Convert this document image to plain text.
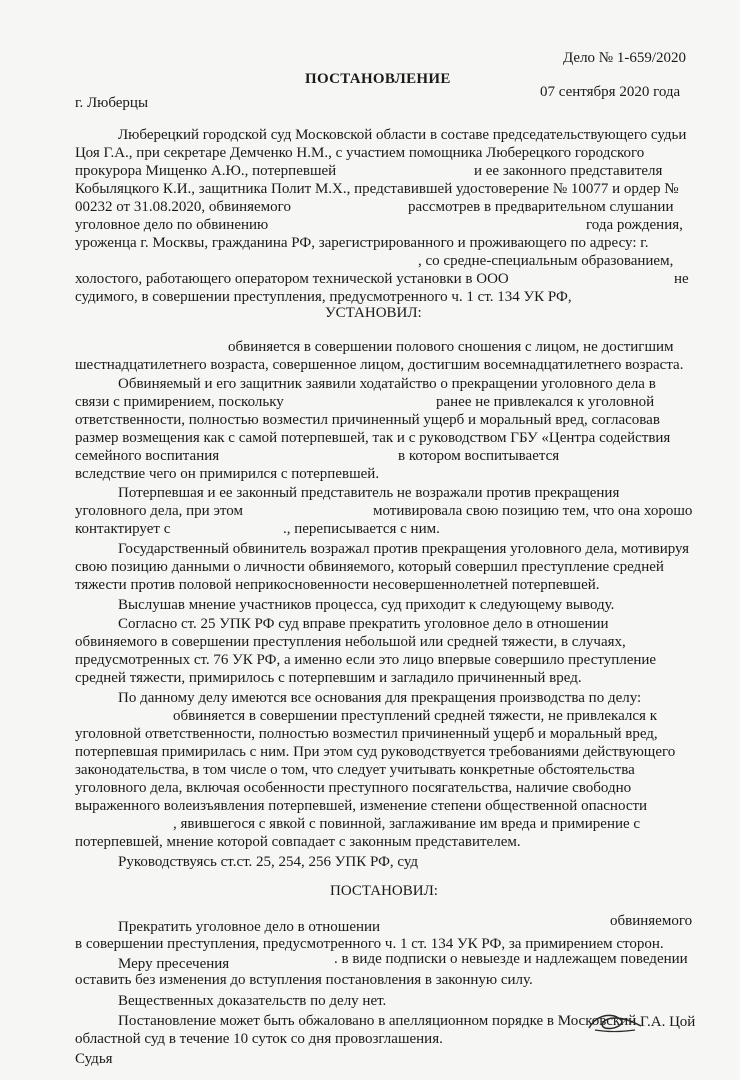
Дело № 1-659/2020
ПОСТАНОВЛЕНИЕ
07 сентября 2020 года
г. Люберцы
Люберецкий городской суд Московской области в составе председательствующего судьи
Цоя Г.А., при секретаре Демченко Н.М., с участием помощника Люберецкого городского
прокурора Мищенко А.Ю., потерпевшей	и ее законного представителя
Кобыляцкого К.И., защитника Полит М.Х., представившей удостоверение № 10077 и ордер №
00232 от 31.08.2020, обвиняемого	рассмотрев в предварительном слушании
уголовное дело по обвинению	года рождения,
уроженца г. Москвы, гражданина РФ, зарегистрированного и проживающего по адресу: г.
, со средне-специальным образованием,
холостого, работающего оператором технической установки в ООО	не
судимого, в совершении преступления, предусмотренного ч. 1 ст. 134 УК РФ,
УСТАНОВИЛ:
обвиняется в совершении полового сношения с лицом, не достигшим
шестнадцатилетнего возраста, совершенное лицом, достигшим восемнадцатилетнего возраста.
Обвиняемый и его защитник заявили ходатайство о прекращении уголовного дела в
связи с примирением, поскольку	ранее не привлекался к уголовной
ответственности, полностью возместил причиненный ущерб и моральный вред, согласовав
размер возмещения как с самой потерпевшей, так и с руководством ГБУ «Центра содействия
семейного воспитания	в котором воспитывается
вследствие чего он примирился с потерпевшей.
Потерпевшая и ее законный представитель не возражали против прекращения
уголовного дела, при этом	мотивировала свою позицию тем, что она хорошо
контактирует с	., переписывается с ним.
Государственный обвинитель возражал против прекращения уголовного дела, мотивируя
свою позицию данными о личности обвиняемого, который совершил преступление средней
тяжести против половой неприкосновенности несовершеннолетней потерпевшей.
Выслушав мнение участников процесса, суд приходит к следующему выводу.
Согласно ст. 25 УПК РФ суд вправе прекратить уголовное дело в отношении
обвиняемого в совершении преступления небольшой или средней тяжести, в случаях,
предусмотренных ст. 76 УК РФ, а именно если это лицо впервые совершило преступление
средней тяжести, примирилось с потерпевшим и загладило причиненный вред.
По данному делу имеются все основания для прекращения производства по делу:
обвиняется в совершении преступлений средней тяжести, не привлекался к
уголовной ответственности, полностью возместил причиненный ущерб и моральный вред,
потерпевшая примирилась с ним. При этом суд руководствуется требованиями действующего
законодательства, в том числе о том, что следует учитывать конкретные обстоятельства
уголовного дела, включая особенности преступного посягательства, наличие свободно
выраженного волеизъявления потерпевшей, изменение степени общественной опасности
, явившегося с явкой с повинной, заглаживание им вреда и примирение с
потерпевшей, мнение которой совпадает с законным представителем.
Руководствуясь ст.ст. 25, 254, 256 УПК РФ, суд
ПОСТАНОВИЛ:
Прекратить уголовное дело в отношении	обвиняемого
в совершении преступления, предусмотренного ч. 1 ст. 134 УК РФ, за примирением сторон.
Меру пресечения	. в виде подписки о невыезде и надлежащем поведении
оставить без изменения до вступления постановления в законную силу.
Вещественных доказательств по делу нет.
Постановление может быть обжаловано в апелляционном порядке в Московский
областной суд в течение 10 суток со дня провозглашения.
Судья
Г.А. Цой
